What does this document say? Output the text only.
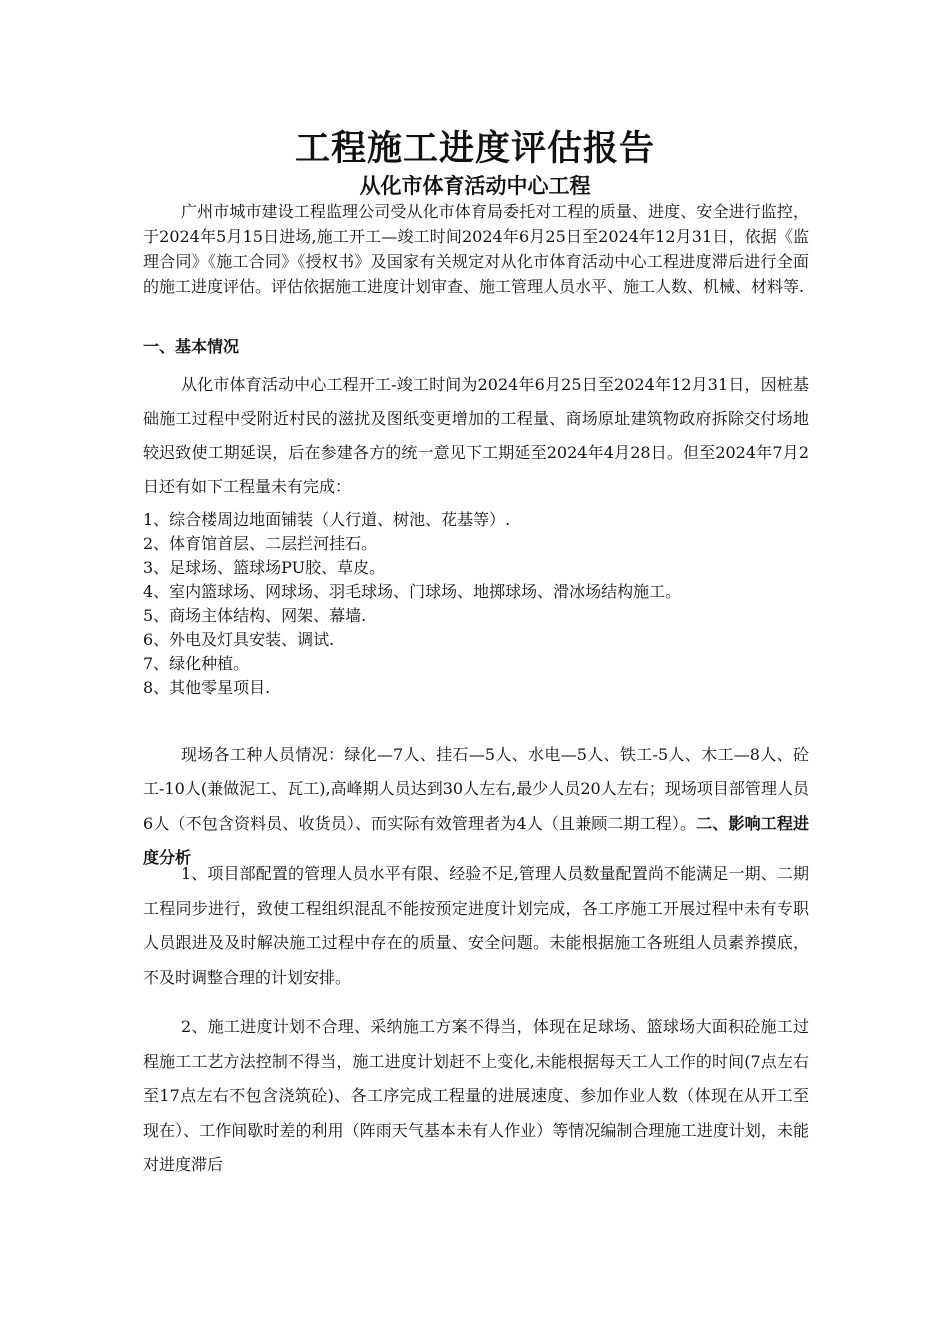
工程施工进度评估报告
从化市体育活动中心工程

广州市城市建设工程监理公司受从化市体育局委托对工程的质量、进度、安全进行监控，于2024年5月15日进场,施工开工—竣工时间2024年6月25日至2024年12月31日，依据《监理合同》《施工合同》《授权书》及国家有关规定对从化市体育活动中心工程进度滞后进行全面的施工进度评估。评估依据施工进度计划审查、施工管理人员水平、施工人数、机械、材料等.

一、基本情况

从化市体育活动中心工程开工-竣工时间为2024年6月25日至2024年12月31日，因桩基础施工过程中受附近村民的滋扰及图纸变更增加的工程量、商场原址建筑物政府拆除交付场地较迟致使工期延误，后在参建各方的统一意见下工期延至2024年4月28日。但至2024年7月2日还有如下工程量未有完成：

1、综合楼周边地面铺装（人行道、树池、花基等）.
2、体育馆首层、二层拦河挂石。
3、足球场、篮球场PU胶、草皮。
4、室内篮球场、网球场、羽毛球场、门球场、地掷球场、滑冰场结构施工。
5、商场主体结构、网架、幕墙.
6、外电及灯具安装、调试.
7、绿化种植。
8、其他零星项目.

现场各工种人员情况：绿化—7人、挂石—5人、水电—5人、铁工-5人、木工—8人、砼工-10人(兼做泥工、瓦工),高峰期人员达到30人左右,最少人员20人左右；现场项目部管理人员6人（不包含资料员、收货员）、而实际有效管理者为4人（且兼顾二期工程）。二、影响工程进度分析

1、项目部配置的管理人员水平有限、经验不足,管理人员数量配置尚不能满足一期、二期工程同步进行，致使工程组织混乱不能按预定进度计划完成，各工序施工开展过程中未有专职人员跟进及及时解决施工过程中存在的质量、安全问题。未能根据施工各班组人员素养摸底，不及时调整合理的计划安排。

2、施工进度计划不合理、采纳施工方案不得当，体现在足球场、篮球场大面积砼施工过程施工工艺方法控制不得当，施工进度计划赶不上变化,未能根据每天工人工作的时间(7点左右至17点左右不包含浇筑砼)、各工序完成工程量的进展速度、参加作业人数（体现在从开工至现在）、工作间歇时差的利用（阵雨天气基本未有人作业）等情况编制合理施工进度计划，未能对进度滞后
